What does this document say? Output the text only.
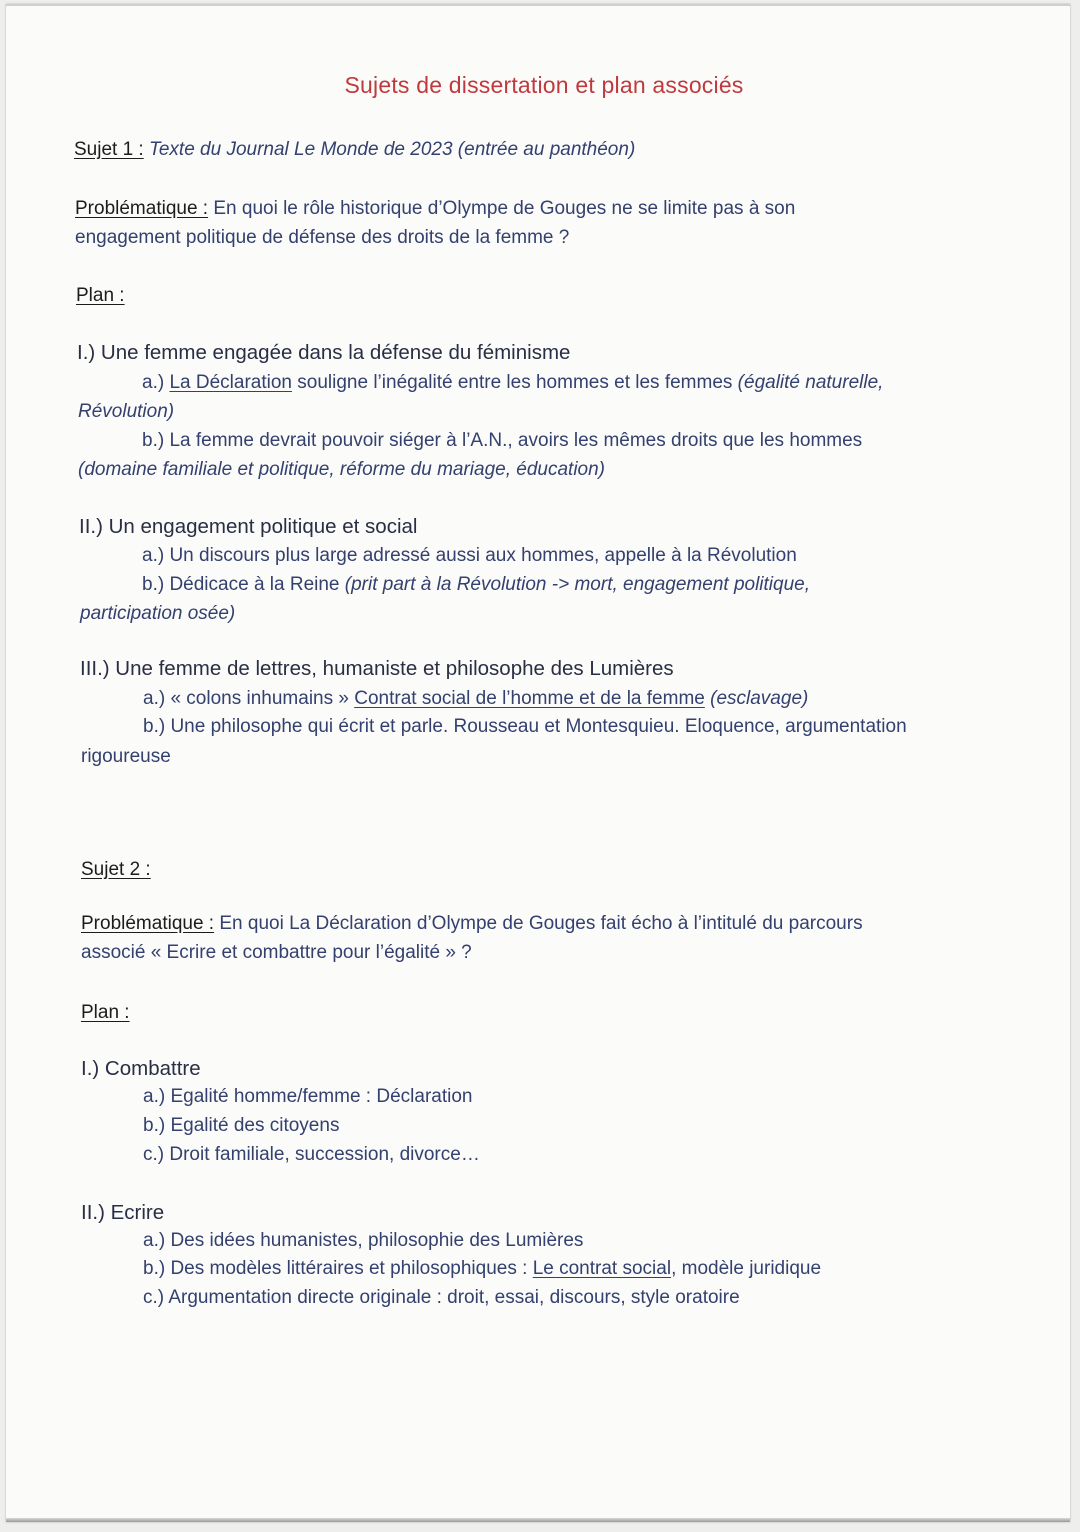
Sujets de dissertation et plan associés
Sujet 1 : Texte du Journal Le Monde de 2023 (entrée au panthéon)
Problématique : En quoi le rôle historique d’Olympe de Gouges ne se limite pas à son
engagement politique de défense des droits de la femme ?
Plan :
I.) Une femme engagée dans la défense du féminisme
a.) La Déclaration souligne l’inégalité entre les hommes et les femmes (égalité naturelle,
Révolution)
b.) La femme devrait pouvoir siéger à l’A.N., avoirs les mêmes droits que les hommes
(domaine familiale et politique, réforme du mariage, éducation)
II.) Un engagement politique et social
a.) Un discours plus large adressé aussi aux hommes, appelle à la Révolution
b.) Dédicace à la Reine (prit part à la Révolution -> mort, engagement politique,
participation osée)
III.) Une femme de lettres, humaniste et philosophe des Lumières
a.) « colons inhumains » Contrat social de l’homme et de la femme (esclavage)
b.) Une philosophe qui écrit et parle. Rousseau et Montesquieu. Eloquence, argumentation
rigoureuse
Sujet 2 :
Problématique : En quoi La Déclaration d’Olympe de Gouges fait écho à l’intitulé du parcours
associé « Ecrire et combattre pour l’égalité » ?
Plan :
I.) Combattre
a.) Egalité homme/femme : Déclaration
b.) Egalité des citoyens
c.) Droit familiale, succession, divorce…
II.) Ecrire
a.) Des idées humanistes, philosophie des Lumières
b.) Des modèles littéraires et philosophiques : Le contrat social, modèle juridique
c.) Argumentation directe originale : droit, essai, discours, style oratoire
